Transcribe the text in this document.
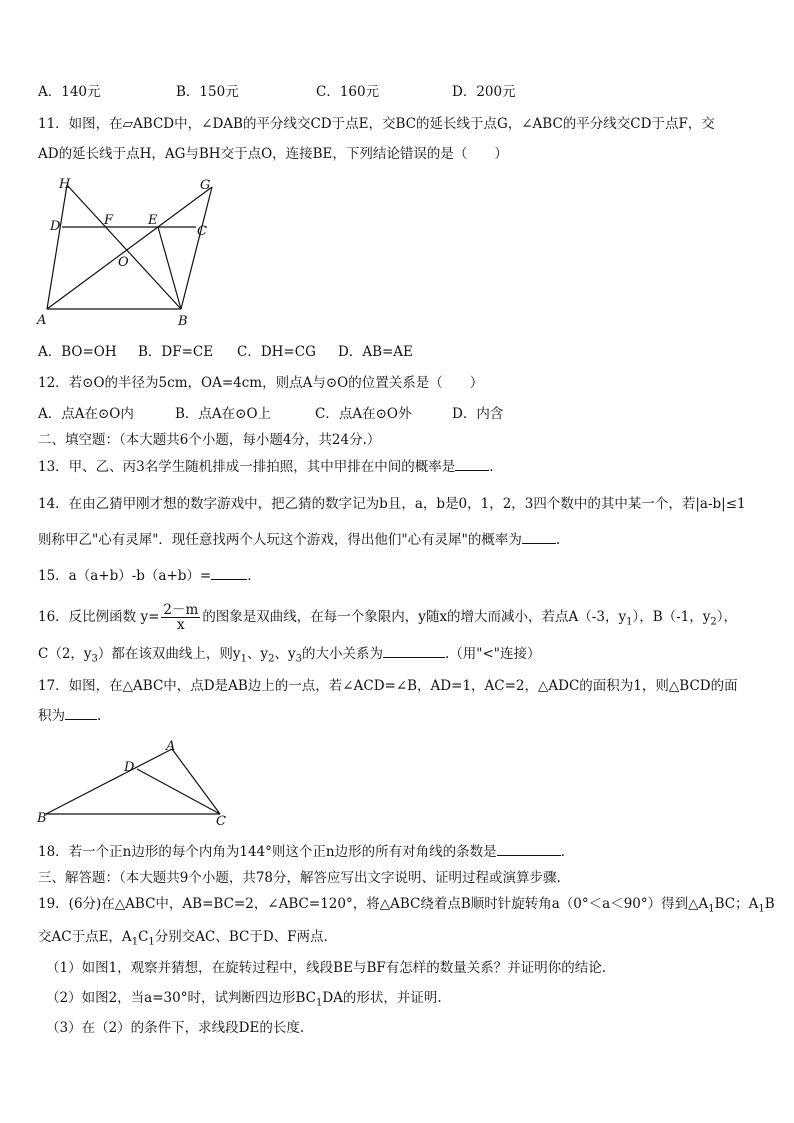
A．140元	B．150元	C．160元	D．200元
11．如图，在▱ABCD中，∠DAB的平分线交CD于点E，交BC的延长线于点G，∠ABC的平分线交CD于点F，交
AD的延长线于点H，AG与BH交于点O，连接BE，下列结论错误的是（　　）
H	G
D	F	E
C
O
A	B
A．BO=OH B．DF=CE C．DH=CG D．AB=AE
12．若⊙O的半径为5cm，OA=4cm，则点A与⊙O的位置关系是（　　）
A．点A在⊙O内	B．点A在⊙O上	C．点A在⊙O外	D．内含
二、填空题：（本大题共6个小题，每小题4分，共24分.）
13．甲、乙、丙3名学生随机排成一排拍照，其中甲排在中间的概率是	.
14．在由乙猜甲刚才想的数字游戏中，把乙猜的数字记为b且，a，b是0，1，2，3四个数中的其中某一个，若|a-b|≤1
则称甲乙"心有灵犀"．现任意找两个人玩这个游戏，得出他们"心有灵犀"的概率为	.
15．a（a+b）-b（a+b）=	.
16．反比例函数 $y= \frac{2-m}{x}$ 的图象是双曲线，在每一个象限内，y随x的增大而减小，若点A（-3，$y_1$），B（-1，$y_2$），
C（2，$y_3$）都在该双曲线上，则$y_1$、$y_2$、$y_3$的大小关系为	.（用"<"连接）
17．如图，在△ABC中，点D是AB边上的一点，若∠ACD=∠B，AD=1，AC=2，△ADC的面积为1，则△BCD的面
积为 .
A
D
B	C
18．若一个正n边形的每个内角为144°则这个正n边形的所有对角线的条数是	.
三、解答题：（本大题共9个小题，共78分，解答应写出文字说明、证明过程或演算步骤.
19．(6分)在△ABC中，AB=BC=2，∠ABC=120°，将△ABC绕着点B顺时针旋转角a（0°＜a＜90°）得到$\triangle A_1BC$；$A_1B$
交AC于点E，$A_1C_1$分别交AC、BC于D、F两点.
（1）如图1，观察并猜想，在旋转过程中，线段BE与BF有怎样的数量关系？并证明你的结论.
（2）如图2，当a=30°时，试判断四边形$BC_1DA$的形状，并证明.
（3）在（2）的条件下，求线段DE的长度.
